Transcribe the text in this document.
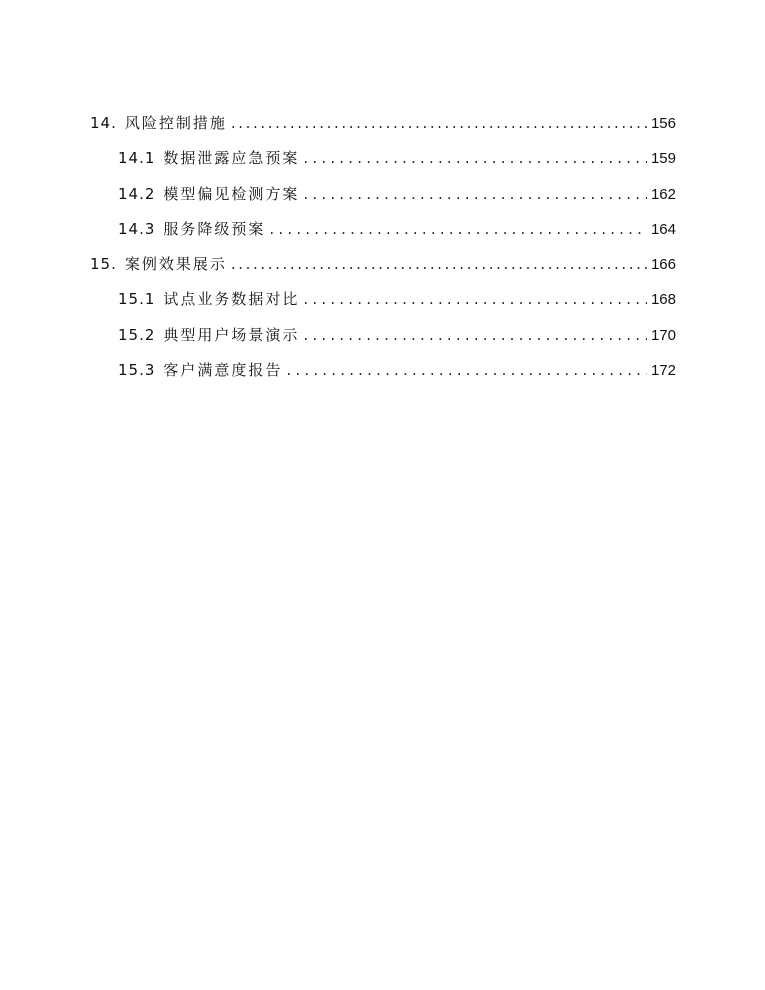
14. 风险控制措施 .....	156
14.1 数据泄露应急预案 .....	159
14.2 模型偏见检测方案 .....	162
14.3 服务降级预案 .....	164
15. 案例效果展示 .....	166
15.1 试点业务数据对比 .....	168
15.2 典型用户场景演示 .....	170
15.3 客户满意度报告 .....	172
